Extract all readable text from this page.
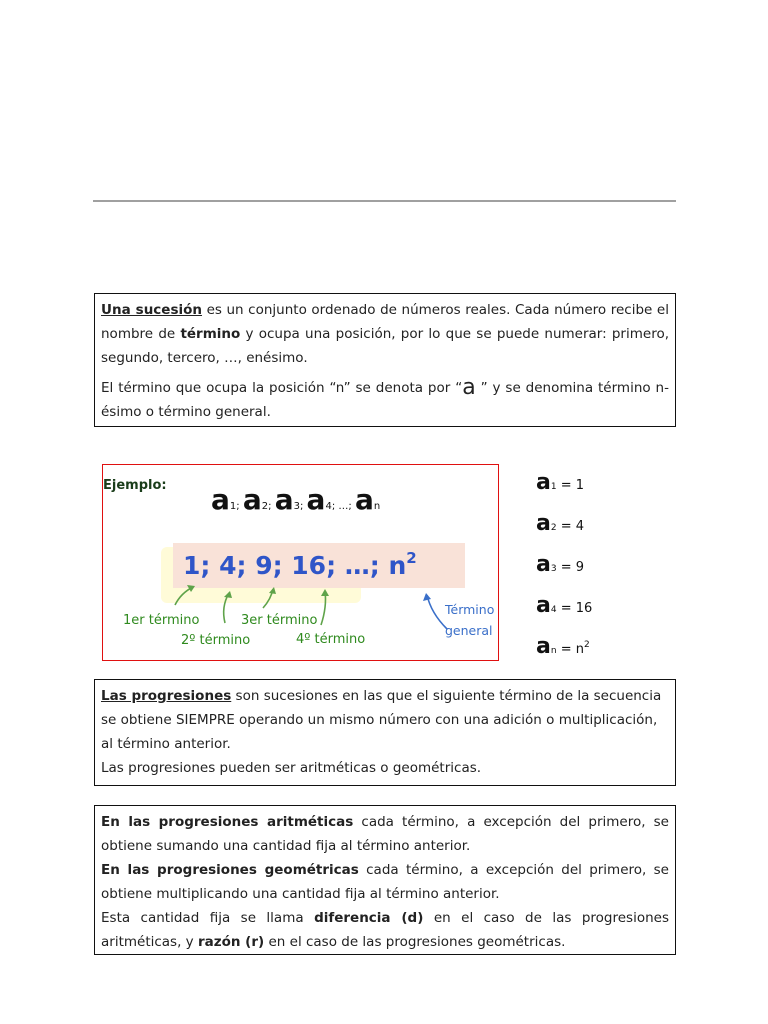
Una sucesión es un conjunto ordenado de números reales. Cada número recibe el nombre de término y ocupa una posición, por lo que se puede numerar: primero, segundo, tercero, …, enésimo.

El término que ocupa la posición “n” se denota por “a ” y se denomina término n-ésimo o término general.

Ejemplo: a1; a2; a3; a4; …; an
1; 4; 9; 16; …; $n^2$
1er término
2º término
3er término
4º término
Término
general
a1 = 1
a2 = 4
a3 = 9
a4 = 16
an = $n^2$

Las progresiones son sucesiones en las que el siguiente término de la secuencia se obtiene SIEMPRE operando un mismo número con una adición o multiplicación, al término anterior.

Las progresiones pueden ser aritméticas o geométricas.

En las progresiones aritméticas cada término, a excepción del primero, se obtiene sumando una cantidad fija al término anterior.

En las progresiones geométricas cada término, a excepción del primero, se obtiene multiplicando una cantidad fija al término anterior.

Esta cantidad fija se llama diferencia (d) en el caso de las progresiones aritméticas, y razón (r) en el caso de las progresiones geométricas.
